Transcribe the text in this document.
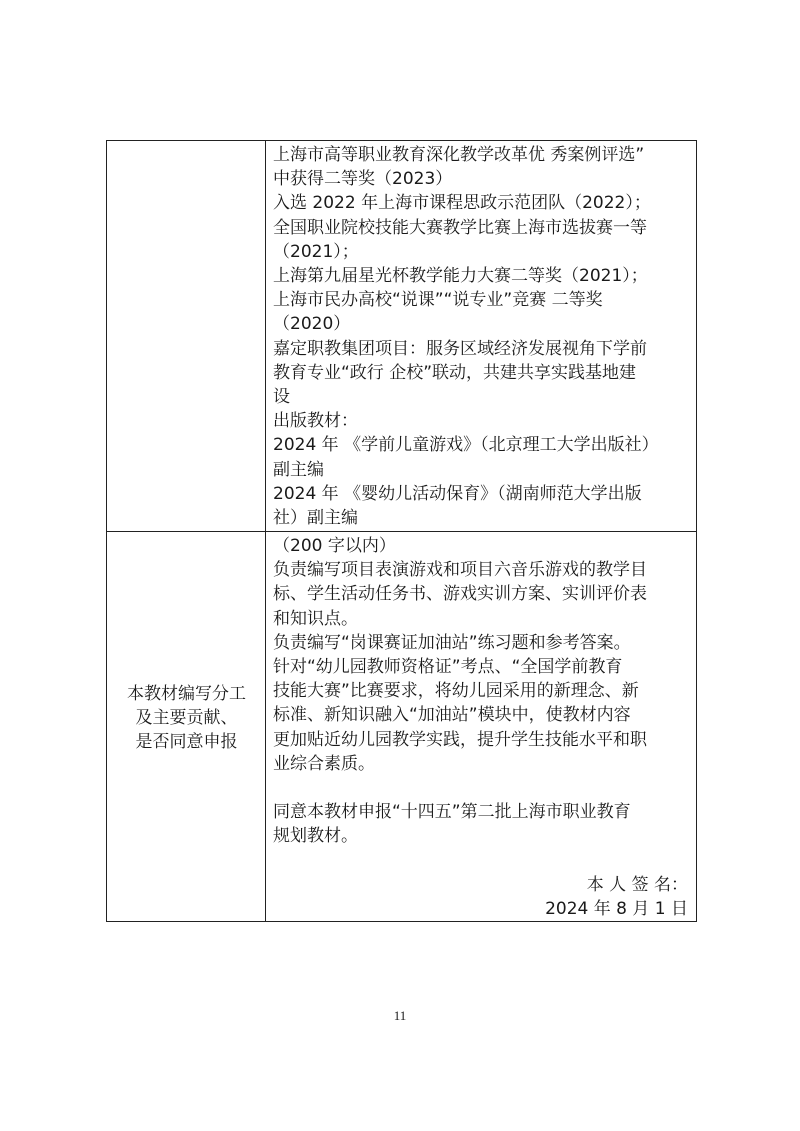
上海市高等职业教育深化教学改革优 秀案例评选”
中获得二等奖（2023）
入选 2022 年上海市课程思政示范团队（2022）；
全国职业院校技能大赛教学比赛上海市选拔赛一等
（2021）；
上海第九届星光杯教学能力大赛二等奖（2021）；
上海市民办高校“说课”“说专业”竞赛 二等奖
（2020）
嘉定职教集团项目：服务区域经济发展视角下学前
教育专业“政行 企校”联动，共建共享实践基地建
设
出版教材：
2024 年 《学前儿童游戏》（北京理工大学出版社）
副主编
2024 年 《婴幼儿活动保育》（湖南师范大学出版
社）副主编
本教材编写分工
及主要贡献、
是否同意申报
（200 字以内）
负责编写项目表演游戏和项目六音乐游戏的教学目
标、学生活动任务书、游戏实训方案、实训评价表
和知识点。
负责编写“岗课赛证加油站”练习题和参考答案。
针对“幼儿园教师资格证”考点、“全国学前教育
技能大赛”比赛要求，将幼儿园采用的新理念、新
标准、新知识融入“加油站”模块中，使教材内容
更加贴近幼儿园教学实践，提升学生技能水平和职
业综合素质。
同意本教材申报“十四五”第二批上海市职业教育
规划教材。
本 人 签 名：
2024 年 8 月 1 日
11
